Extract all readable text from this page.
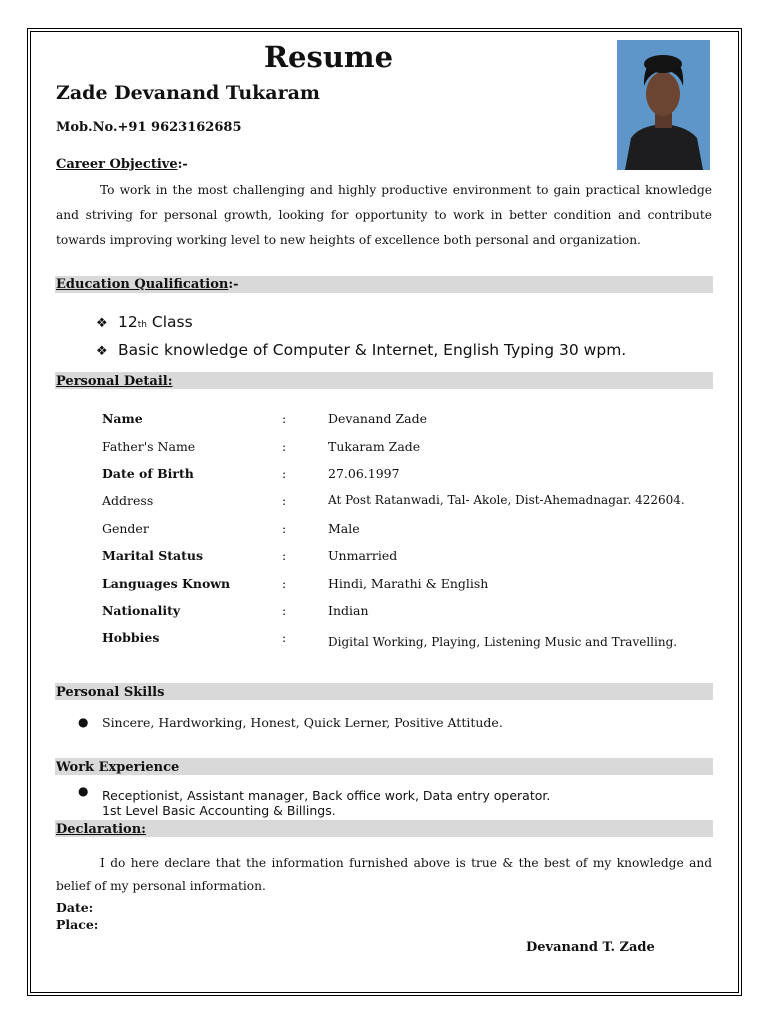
Resume
Zade Devanand Tukaram
Mob.No.+91 9623162685
Career Objective:-
To work in the most challenging and highly productive environment to gain practical knowledge and striving for personal growth, looking for opportunity to work in better condition and contribute towards improving working level to new heights of excellence both personal and organization.
Education Qualification:-
❖ 12 th Class
❖ Basic knowledge of Computer & Internet, English Typing 30 wpm.
Personal Detail:
Name	:	Devanand Zade
Father's Name	:	Tukaram Zade
Date of Birth	:	27.06.1997
Address	:	At Post Ratanwadi, Tal- Akole, Dist-Ahemadnagar. 422604.
Gender	:	Male
Marital Status	:	Unmarried
Languages Known	:	Hindi, Marathi & English
Nationality	:	Indian
Hobbies	:	Digital Working, Playing, Listening Music and Travelling.
Personal Skills
●	Sincere, Hardworking, Honest, Quick Lerner, Positive Attitude.
Work Experience
● Receptionist, Assistant manager, Back office work, Data entry operator.
1st Level Basic Accounting & Billings.
Declaration:
I do here declare that the information furnished above is true & the best of my knowledge and belief of my personal information.
Date:
Place:
Devanand T. Zade
